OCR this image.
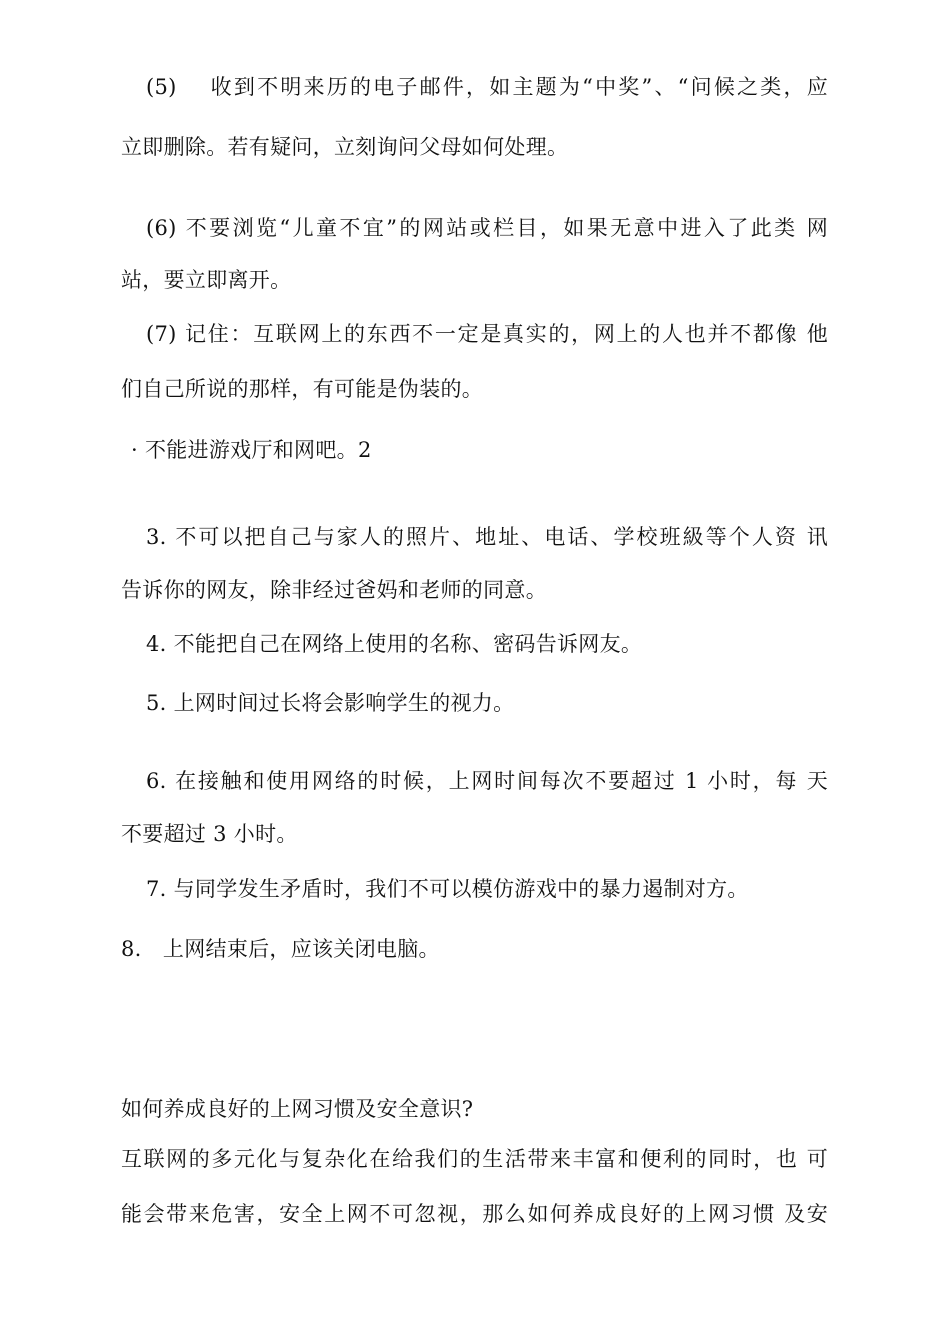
(5)　 收到不明来历的电子邮件，如主题为“中奖”、“问候之类，应
立即删除。若有疑问，立刻询问父母如何处理。
(6) 不要浏览“儿童不宜”的网站或栏目，如果无意中进入了此类 网
站，要立即离开。
(7) 记住：互联网上的东西不一定是真实的，网上的人也并不都像 他
们自己所说的那样，有可能是伪装的。
· 不能进游戏厅和网吧。2
3. 不可以把自己与家人的照片、地址、电话、学校班級等个人资 讯
告诉你的网友，除非经过爸妈和老师的同意。
4. 不能把自己在网络上使用的名称、密码告诉网友。
5. 上网时间过长将会影响学生的视力。
6. 在接触和使用网络的时候，上网时间每次不要超过 1 小时，每 天
不要超过 3 小时。
7. 与同学发生矛盾时，我们不可以模仿游戏中的暴力遏制对方。
8.　上网结束后，应该关闭电脑。
如何养成良好的上网习惯及安全意识?
互联网的多元化与复杂化在给我们的生活带来丰富和便利的同时，也 可
能会带来危害，安全上网不可忽视，那么如何养成良好的上网习惯 及安
